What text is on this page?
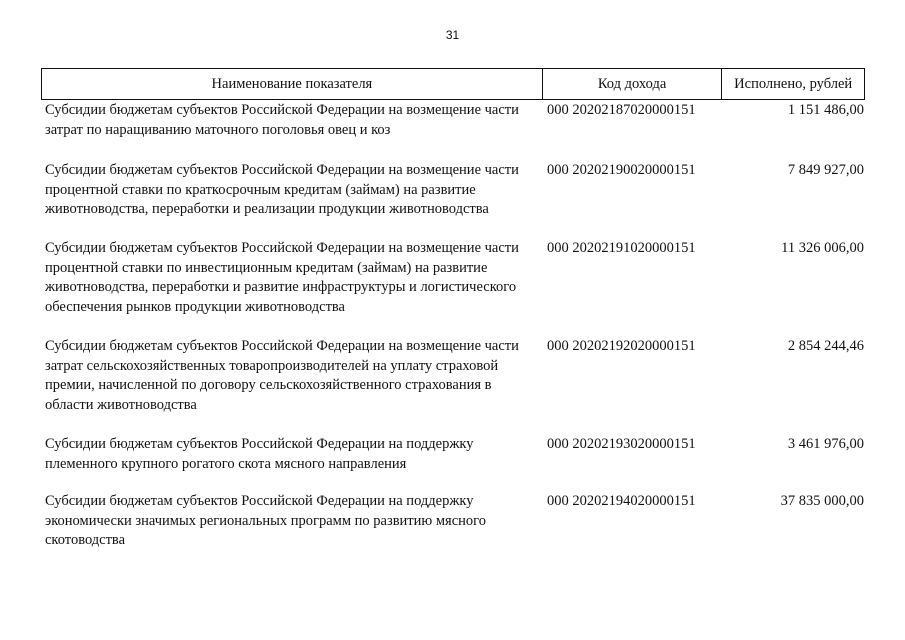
31
Наименование показателя	Код дохода	Исполнено, рублей
Субсидии бюджетам субъектов Российской Федерации на возмещение части затрат по наращиванию маточного поголовья овец и коз
000 20202187020000151	1 151 486,00
Субсидии бюджетам субъектов Российской Федерации на возмещение части процентной ставки по краткосрочным кредитам (займам) на развитие животноводства, переработки и реализации продукции животноводства
000 20202190020000151	7 849 927,00
Субсидии бюджетам субъектов Российской Федерации на возмещение части процентной ставки по инвестиционным кредитам (займам) на развитие животноводства, переработки и развитие инфраструктуры и логистического обеспечения рынков продукции животноводства
000 20202191020000151	11 326 006,00
Субсидии бюджетам субъектов Российской Федерации на возмещение части затрат сельскохозяйственных товаропроизводителей на уплату страховой премии, начисленной по договору сельскохозяйственного страхования в области животноводства
000 20202192020000151	2 854 244,46
Субсидии бюджетам субъектов Российской Федерации на поддержку племенного крупного рогатого скота мясного направления
000 20202193020000151	3 461 976,00
Субсидии бюджетам субъектов Российской Федерации на поддержку экономически значимых региональных программ по развитию мясного скотоводства
000 20202194020000151	37 835 000,00
